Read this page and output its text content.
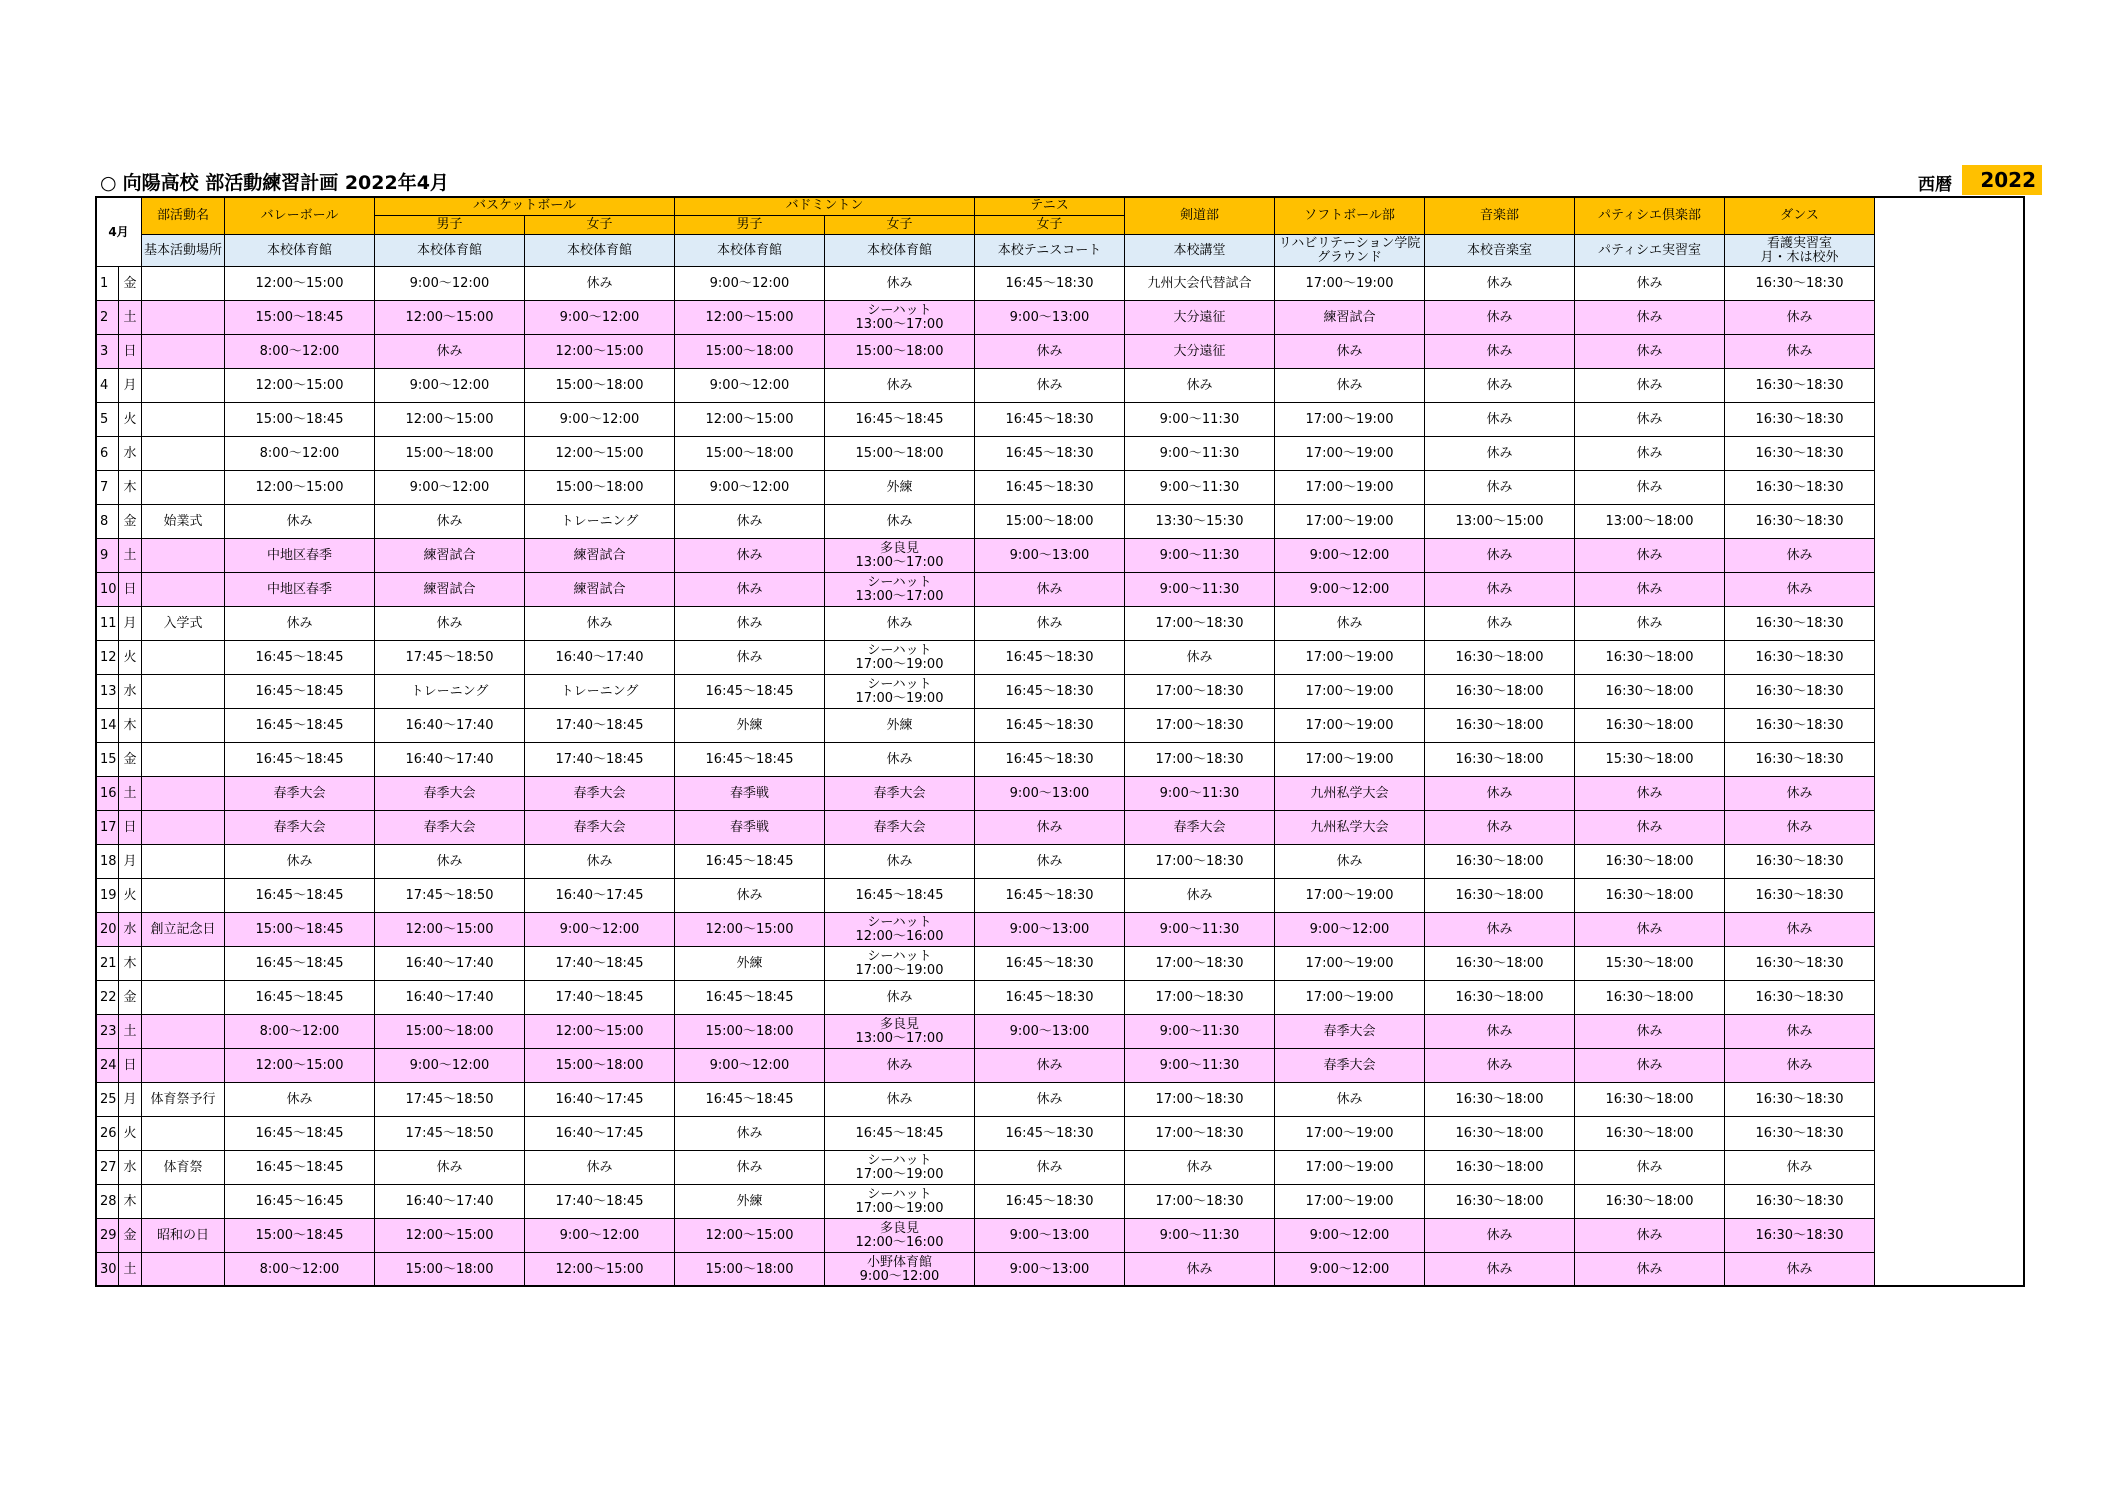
○ 向陽高校 部活動練習計画 2022年4月	西暦	2022
4月		部活動名	バレーボール	バスケットボール		バドミントン		テニス	剣道部	ソフトボール部	音楽部	パティシエ倶楽部	ダンス
				男子	女子	男子	女子	女子					
		基本活動場所	本校体育館	本校体育館	本校体育館	本校体育館	本校体育館	本校テニスコート	本校講堂	リハビリテーション学院
グラウンド	本校音楽室	パティシエ実習室	看護実習室
月・木は校外
1	金		12:00～15:00	9:00～12:00	休み	9:00～12:00	休み	16:45～18:30	九州大会代替試合	17:00～19:00	休み	休み	16:30～18:30
2	土		15:00～18:45	12:00～15:00	9:00～12:00	12:00～15:00	シーハット
13:00～17:00	9:00～13:00	大分遠征	練習試合	休み	休み	休み
3	日		8:00～12:00	休み	12:00～15:00	15:00～18:00	15:00～18:00	休み	大分遠征	休み	休み	休み	休み
4	月		12:00～15:00	9:00～12:00	15:00～18:00	9:00～12:00	休み	休み	休み	休み	休み	休み	16:30～18:30
5	火		15:00～18:45	12:00～15:00	9:00～12:00	12:00～15:00	16:45～18:45	16:45～18:30	9:00～11:30	17:00～19:00	休み	休み	16:30～18:30
6	水		8:00～12:00	15:00～18:00	12:00～15:00	15:00～18:00	15:00～18:00	16:45～18:30	9:00～11:30	17:00～19:00	休み	休み	16:30～18:30
7	木		12:00～15:00	9:00～12:00	15:00～18:00	9:00～12:00	外練	16:45～18:30	9:00～11:30	17:00～19:00	休み	休み	16:30～18:30
8	金	始業式	休み	休み	トレーニング	休み	休み	15:00～18:00	13:30～15:30	17:00～19:00	13:00～15:00	13:00～18:00	16:30～18:30
9	土		中地区春季	練習試合	練習試合	休み	多良見
13:00～17:00	9:00～13:00	9:00～11:30	9:00～12:00	休み	休み	休み
10	日		中地区春季	練習試合	練習試合	休み	シーハット
13:00～17:00	休み	9:00～11:30	9:00～12:00	休み	休み	休み
11	月	入学式	休み	休み	休み	休み	休み	休み	17:00～18:30	休み	休み	休み	16:30～18:30
12	火		16:45～18:45	17:45～18:50	16:40～17:40	休み	シーハット
17:00～19:00	16:45～18:30	休み	17:00～19:00	16:30～18:00	16:30～18:00	16:30～18:30
13	水		16:45～18:45	トレーニング	トレーニング	16:45～18:45	シーハット
17:00～19:00	16:45～18:30	17:00～18:30	17:00～19:00	16:30～18:00	16:30～18:00	16:30～18:30
14	木		16:45～18:45	16:40～17:40	17:40～18:45	外練	外練	16:45～18:30	17:00～18:30	17:00～19:00	16:30～18:00	16:30～18:00	16:30～18:30
15	金		16:45～18:45	16:40～17:40	17:40～18:45	16:45～18:45	休み	16:45～18:30	17:00～18:30	17:00～19:00	16:30～18:00	15:30～18:00	16:30～18:30
16	土		春季大会	春季大会	春季大会	春季戦	春季大会	9:00～13:00	9:00～11:30	九州私学大会	休み	休み	休み
17	日		春季大会	春季大会	春季大会	春季戦	春季大会	休み	春季大会	九州私学大会	休み	休み	休み
18	月		休み	休み	休み	16:45～18:45	休み	休み	17:00～18:30	休み	16:30～18:00	16:30～18:00	16:30～18:30
19	火		16:45～18:45	17:45～18:50	16:40～17:45	休み	16:45～18:45	16:45～18:30	休み	17:00～19:00	16:30～18:00	16:30～18:00	16:30～18:30
20	水	創立記念日	15:00～18:45	12:00～15:00	9:00～12:00	12:00～15:00	シーハット
12:00～16:00	9:00～13:00	9:00～11:30	9:00～12:00	休み	休み	休み
21	木		16:45～18:45	16:40～17:40	17:40～18:45	外練	シーハット
17:00～19:00	16:45～18:30	17:00～18:30	17:00～19:00	16:30～18:00	15:30～18:00	16:30～18:30
22	金		16:45～18:45	16:40～17:40	17:40～18:45	16:45～18:45	休み	16:45～18:30	17:00～18:30	17:00～19:00	16:30～18:00	16:30～18:00	16:30～18:30
23	土		8:00～12:00	15:00～18:00	12:00～15:00	15:00～18:00	多良見
13:00～17:00	9:00～13:00	9:00～11:30	春季大会	休み	休み	休み
24	日		12:00～15:00	9:00～12:00	15:00～18:00	9:00～12:00	休み	休み	9:00～11:30	春季大会	休み	休み	休み
25	月	体育祭予行	休み	17:45～18:50	16:40～17:45	16:45～18:45	休み	休み	17:00～18:30	休み	16:30～18:00	16:30～18:00	16:30～18:30
26	火		16:45～18:45	17:45～18:50	16:40～17:45	休み	16:45～18:45	16:45～18:30	17:00～18:30	17:00～19:00	16:30～18:00	16:30～18:00	16:30～18:30
27	水	体育祭	16:45～18:45	休み	休み	休み	シーハット
17:00～19:00	休み	休み	17:00～19:00	16:30～18:00	休み	休み
28	木		16:45～16:45	16:40～17:40	17:40～18:45	外練	シーハット
17:00～19:00	16:45～18:30	17:00～18:30	17:00～19:00	16:30～18:00	16:30～18:00	16:30～18:30
29	金	昭和の日	15:00～18:45	12:00～15:00	9:00～12:00	12:00～15:00	多良見
12:00～16:00	9:00～13:00	9:00～11:30	9:00～12:00	休み	休み	16:30～18:30
30	土		8:00～12:00	15:00～18:00	12:00～15:00	15:00～18:00	小野体育館
9:00～12:00	9:00～13:00	休み	9:00～12:00	休み	休み	休み
